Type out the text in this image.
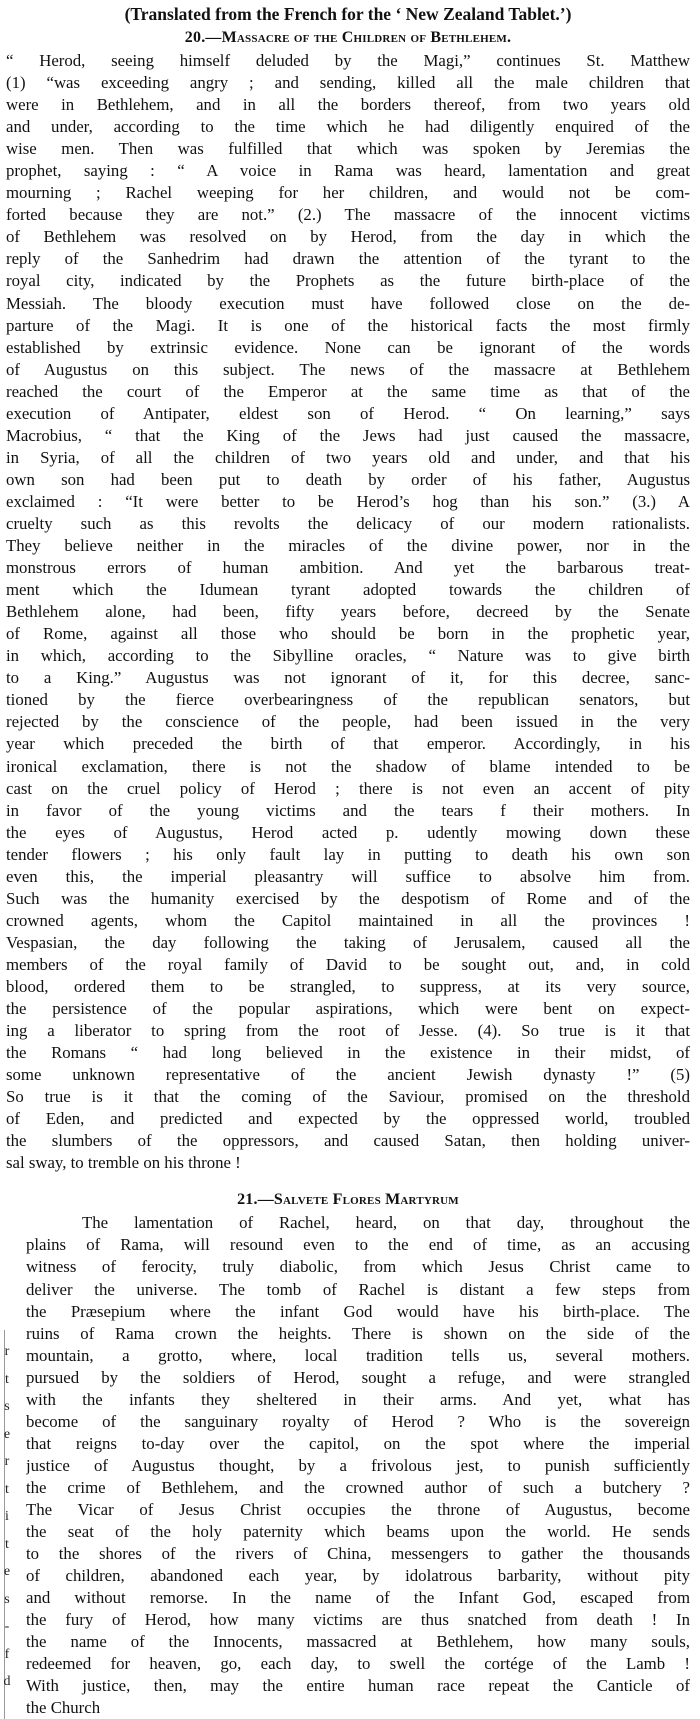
(Translated from the French for the ‘ New Zealand Tablet.’)
20.—Massacre of the Children of Bethlehem.
“ Herod, seeing himself deluded by the Magi,” continues St. Matthew
(1) “was exceeding angry ; and sending, killed all the male children that
were in Bethlehem, and in all the borders thereof, from two years old
and under, according to the time which he had diligently enquired of the
wise men. Then was fulfilled that which was spoken by Jeremias the
prophet, saying : “ A voice in Rama was heard, lamentation and great
mourning ; Rachel weeping for her children, and would not be com-
forted because they are not.” (2.) The massacre of the innocent victims
of Bethlehem was resolved on by Herod, from the day in which the
reply of the Sanhedrim had drawn the attention of the tyrant to the
royal city, indicated by the Prophets as the future birth-place of the
Messiah. The bloody execution must have followed close on the de-
parture of the Magi. It is one of the historical facts the most firmly
established by extrinsic evidence. None can be ignorant of the words
of Augustus on this subject. The news of the massacre at Bethlehem
reached the court of the Emperor at the same time as that of the
execution of Antipater, eldest son of Herod. “ On learning,” says
Macrobius, “ that the King of the Jews had just caused the massacre,
in Syria, of all the children of two years old and under, and that his
own son had been put to death by order of his father, Augustus
exclaimed : “It were better to be Herod’s hog than his son.” (3.) A
cruelty such as this revolts the delicacy of our modern rationalists.
They believe neither in the miracles of the divine power, nor in the
monstrous errors of human ambition. And yet the barbarous treat-
ment which the Idumean tyrant adopted towards the children of
Bethlehem alone, had been, fifty years before, decreed by the Senate
of Rome, against all those who should be born in the prophetic year,
in which, according to the Sibylline oracles, “ Nature was to give birth
to a King.” Augustus was not ignorant of it, for this decree, sanc-
tioned by the fierce overbearingness of the republican senators, but
rejected by the conscience of the people, had been issued in the very
year which preceded the birth of that emperor. Accordingly, in his
ironical exclamation, there is not the shadow of blame intended to be
cast on the cruel policy of Herod ; there is not even an accent of pity
in favor of the young victims and the tears f their mothers. In
the eyes of Augustus, Herod acted p. udently mowing down these
tender flowers ; his only fault lay in putting to death his own son
even this, the imperial pleasantry will suffice to absolve him from.
Such was the humanity exercised by the despotism of Rome and of the
crowned agents, whom the Capitol maintained in all the provinces !
Vespasian, the day following the taking of Jerusalem, caused all the
members of the royal family of David to be sought out, and, in cold
blood, ordered them to be strangled, to suppress, at its very source,
the persistence of the popular aspirations, which were bent on expect-
ing a liberator to spring from the root of Jesse. (4). So true is it that
the Romans “ had long believed in the existence in their midst, of
some unknown representative of the ancient Jewish dynasty !” (5)
So true is it that the coming of the Saviour, promised on the threshold
of Eden, and predicted and expected by the oppressed world, troubled
the slumbers of the oppressors, and caused Satan, then holding univer-
sal sway, to tremble on his throne !
21.—Salvete Flores Martyrum
The lamentation of Rachel, heard, on that day, throughout the
plains of Rama, will resound even to the end of time, as an accusing
witness of ferocity, truly diabolic, from which Jesus Christ came to
deliver the universe. The tomb of Rachel is distant a few steps from
the Præsepium where the infant God would have his birth-place. The
ruins of Rama crown the heights. There is shown on the side of the
mountain, a grotto, where, local tradition tells us, several mothers.
pursued by the soldiers of Herod, sought a refuge, and were strangled
with the infants they sheltered in their arms. And yet, what has
become of the sanguinary royalty of Herod ? Who is the sovereign
that reigns to-day over the capitol, on the spot where the imperial
justice of Augustus thought, by a frivolous jest, to punish sufficiently
the crime of Bethlehem, and the crowned author of such a butchery ?
The Vicar of Jesus Christ occupies the throne of Augustus, become
the seat of the holy paternity which beams upon the world. He sends
to the shores of the rivers of China, messengers to gather the thousands
of children, abandoned each year, by idolatrous barbarity, without pity
and without remorse. In the name of the Infant God, escaped from
the fury of Herod, how many victims are thus snatched from death ! In
the name of the Innocents, massacred at Bethlehem, how many souls,
redeemed for heaven, go, each day, to swell the cortége of the Lamb !
With justice, then, may the entire human race repeat the Canticle of
the Church
r
t
s
e
r
t
i
t
e
s
-
f
d
